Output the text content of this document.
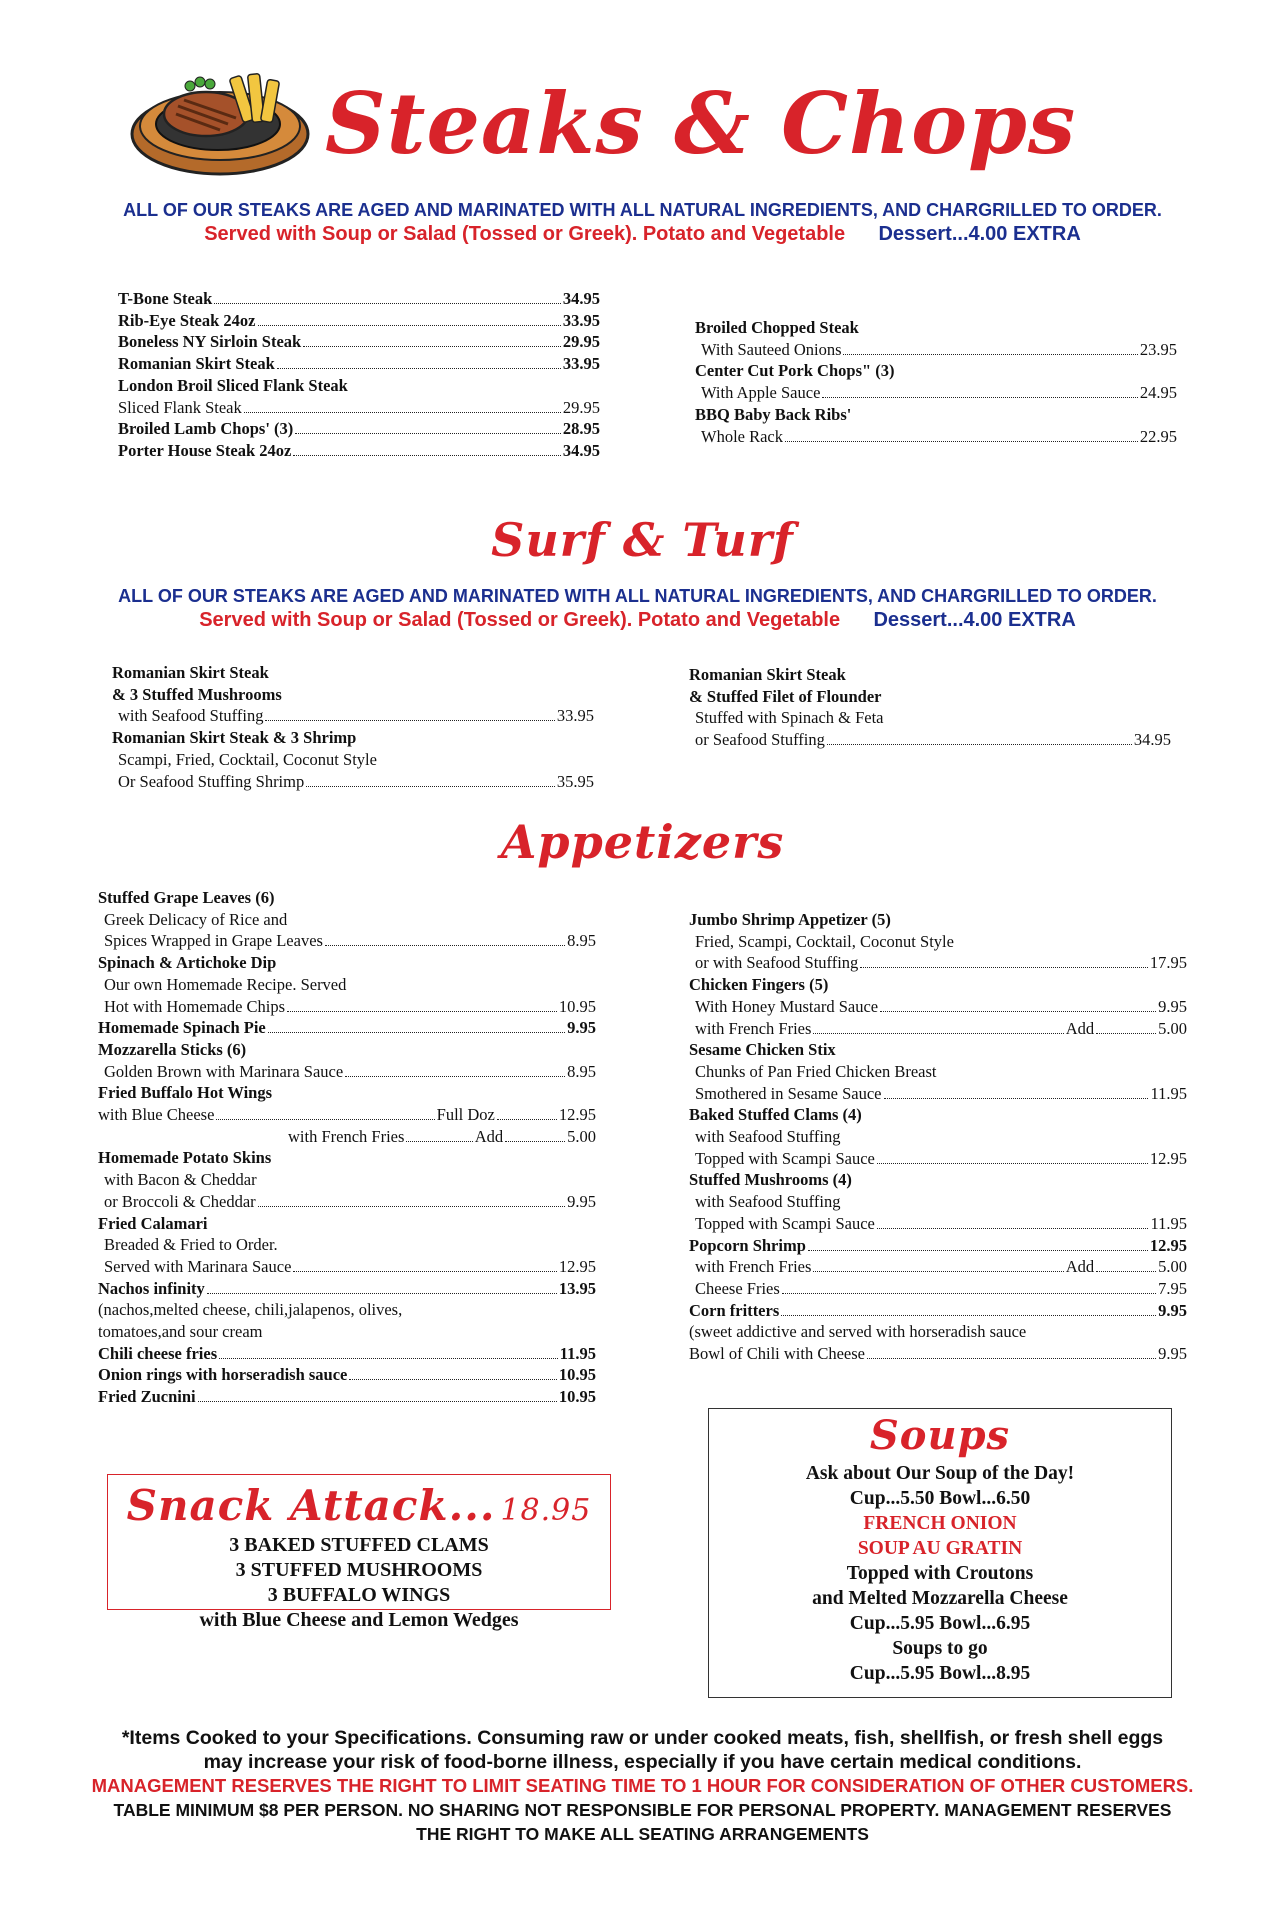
Steaks & Chops
ALL OF OUR STEAKS ARE AGED AND MARINATED WITH ALL NATURAL INGREDIENTS, AND CHARGRILLED TO ORDER.
Served with Soup or Salad (Tossed or Greek). Potato and Vegetable Dessert...4.00 EXTRA
T-Bone Steak	34.95
Rib-Eye Steak 24oz	33.95
Boneless NY Sirloin Steak	29.95
Romanian Skirt Steak	33.95
London Broil Sliced Flank Steak
Sliced Flank Steak	29.95
Broiled Lamb Chops' (3)	28.95
Porter House Steak 24oz	34.95
Broiled Chopped Steak
With Sauteed Onions	23.95
Center Cut Pork Chops" (3)
With Apple Sauce	24.95
BBQ Baby Back Ribs'
Whole Rack	22.95
Surf & Turf
ALL OF OUR STEAKS ARE AGED AND MARINATED WITH ALL NATURAL INGREDIENTS, AND CHARGRILLED TO ORDER.
Served with Soup or Salad (Tossed or Greek). Potato and Vegetable Dessert...4.00 EXTRA
Romanian Skirt Steak
& 3 Stuffed Mushrooms
with Seafood Stuffing	33.95
Romanian Skirt Steak & 3 Shrimp
Scampi, Fried, Cocktail, Coconut Style
Or Seafood Stuffing Shrimp	35.95
Romanian Skirt Steak
& Stuffed Filet of Flounder
Stuffed with Spinach & Feta
or Seafood Stuffing	34.95
Appetizers
Stuffed Grape Leaves (6)
Greek Delicacy of Rice and
Spices Wrapped in Grape Leaves	8.95
Spinach & Artichoke Dip
Our own Homemade Recipe. Served
Hot with Homemade Chips	10.95
Homemade Spinach Pie	9.95
Mozzarella Sticks (6)
Golden Brown with Marinara Sauce	8.95
Fried Buffalo Hot Wings
with Blue Cheese	Full Doz	12.95
with French Fries	Add	5.00
Homemade Potato Skins
with Bacon & Cheddar
or Broccoli & Cheddar	9.95
Fried Calamari
Breaded & Fried to Order.
Served with Marinara Sauce	12.95
Nachos infinity	13.95
(nachos,melted cheese, chili,jalapenos, olives,
tomatoes,and sour cream
Chili cheese fries	11.95
Onion rings with horseradish sauce	10.95
Fried Zucnini	10.95
Jumbo Shrimp Appetizer (5)
Fried, Scampi, Cocktail, Coconut Style
or with Seafood Stuffing	17.95
Chicken Fingers (5)
With Honey Mustard Sauce	9.95
with French Fries	Add	5.00
Sesame Chicken Stix
Chunks of Pan Fried Chicken Breast
Smothered in Sesame Sauce	11.95
Baked Stuffed Clams (4)
with Seafood Stuffing
Topped with Scampi Sauce	12.95
Stuffed Mushrooms (4)
with Seafood Stuffing
Topped with Scampi Sauce	11.95
Popcorn Shrimp	12.95
with French Fries	Add	5.00
Cheese Fries	7.95
Corn fritters	9.95
(sweet addictive and served with horseradish sauce
Bowl of Chili with Cheese	9.95
Snack Attack... 18.95
3 BAKED STUFFED CLAMS
3 STUFFED MUSHROOMS
3 BUFFALO WINGS
with Blue Cheese and Lemon Wedges
Soups
Ask about Our Soup of the Day!
Cup...5.50 Bowl...6.50
FRENCH ONION
SOUP AU GRATIN
Topped with Croutons
and Melted Mozzarella Cheese
Cup...5.95 Bowl...6.95
Soups to go
Cup...5.95 Bowl...8.95
*Items Cooked to your Specifications. Consuming raw or under cooked meats, fish, shellfish, or fresh shell eggs
may increase your risk of food-borne illness, especially if you have certain medical conditions.
MANAGEMENT RESERVES THE RIGHT TO LIMIT SEATING TIME TO 1 HOUR FOR CONSIDERATION OF OTHER CUSTOMERS.
TABLE MINIMUM $8 PER PERSON. NO SHARING NOT RESPONSIBLE FOR PERSONAL PROPERTY. MANAGEMENT RESERVES
THE RIGHT TO MAKE ALL SEATING ARRANGEMENTS
